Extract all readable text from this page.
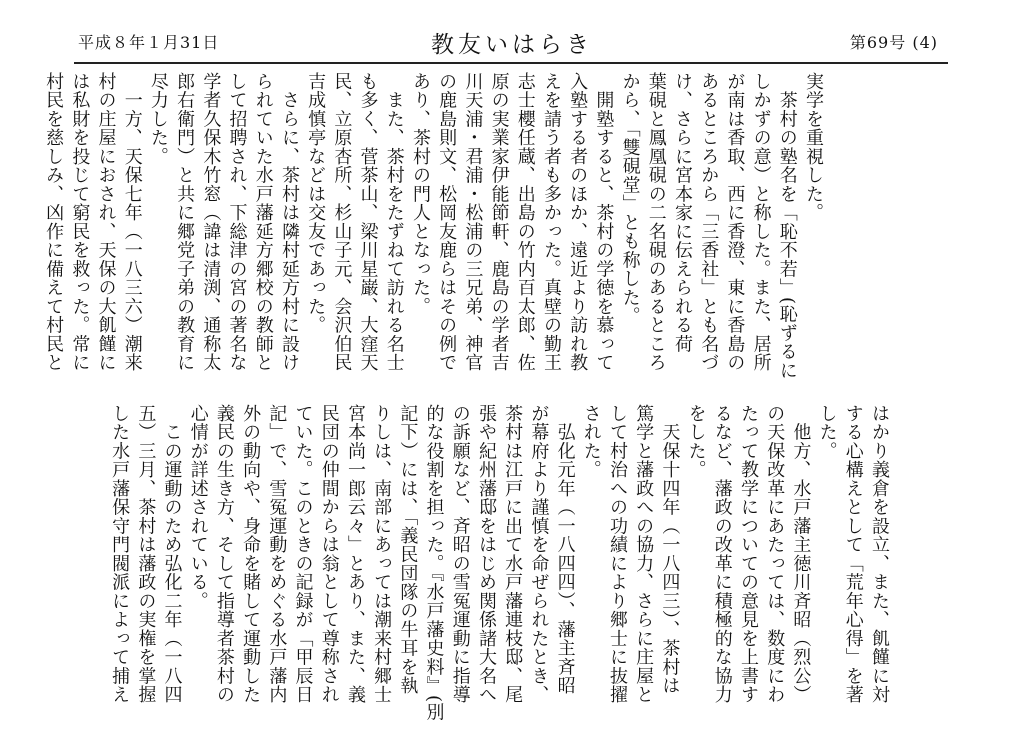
平成８年１月31日	教友いはらき	第69号 (4)
実学を重視した。
　茶村の塾名を「恥不若」(恥ずるに
しかずの意）と称した。また、居所
が南は香取、西に香澄、東に香島の
あるところから「三香社」とも名づ
け、さらに宮本家に伝えられる荷
葉硯と鳳凰硯の二名硯のあるところ
から、「雙硯堂」とも称した。
　開塾すると、茶村の学徳を慕って
入塾する者のほか、遠近より訪れ教
えを請う者も多かった。真壁の勤王
志士櫻任蔵、出島の竹内百太郎、佐
原の実業家伊能節軒、鹿島の学者吉
川天浦・君浦・松浦の三兄弟、神官
の鹿島則文、松岡友鹿らはその例で
あり、茶村の門人となった。
　また、茶村をたずねて訪れる名士
も多く、菅茶山、梁川星巌、大窪天
民、立原杏所、杉山子元、会沢伯民
吉成慎亭などは交友であった。
　さらに、茶村は隣村延方村に設け
られていた水戸藩延方郷校の教師と
して招聘され、下総津の宮の著名な
学者久保木竹窓（諱は清渕、通称太
郎右衛門）と共に郷党子弟の教育に
尽力した。
　一方、天保七年（一八三六）潮来
村の庄屋におされ、天保の大飢饉に
は私財を投じて窮民を救った。常に
村民を慈しみ、凶作に備えて村民と
はかり義倉を設立、また、飢饉に対
する心構えとして「荒年心得」を著
した。
　他方、水戸藩主徳川斉昭（烈公）
の天保改革にあたっては、数度にわ
たって教学についての意見を上書す
るなど、藩政の改革に積極的な協力
をした。
　天保十四年（一八四三）、茶村は
篤学と藩政への協力、さらに庄屋と
して村治への功績により郷士に抜擢
された。
　弘化元年（一八四四）、藩主斉昭
が幕府より謹慎を命ぜられたとき、
茶村は江戸に出て水戸藩連枝邸、尾
張や紀州藩邸をはじめ関係諸大名へ
の訴願など、斉昭の雪冤運動に指導
的な役割を担った。『水戸藩史料』(別
記下）には、「義民団隊の牛耳を執
りしは、南部にあっては潮来村郷士
宮本尚一郎云々」とあり、また、義
民団の仲間からは翁として尊称され
ていた。このときの記録が「甲辰日
記」で、雪冤運動をめぐる水戸藩内
外の動向や、身命を賭して運動した
義民の生き方、そして指導者茶村の
心情が詳述されている。
　この運動のため弘化二年（一八四
五）三月、茶村は藩政の実権を掌握
した水戸藩保守門閥派によって捕え
